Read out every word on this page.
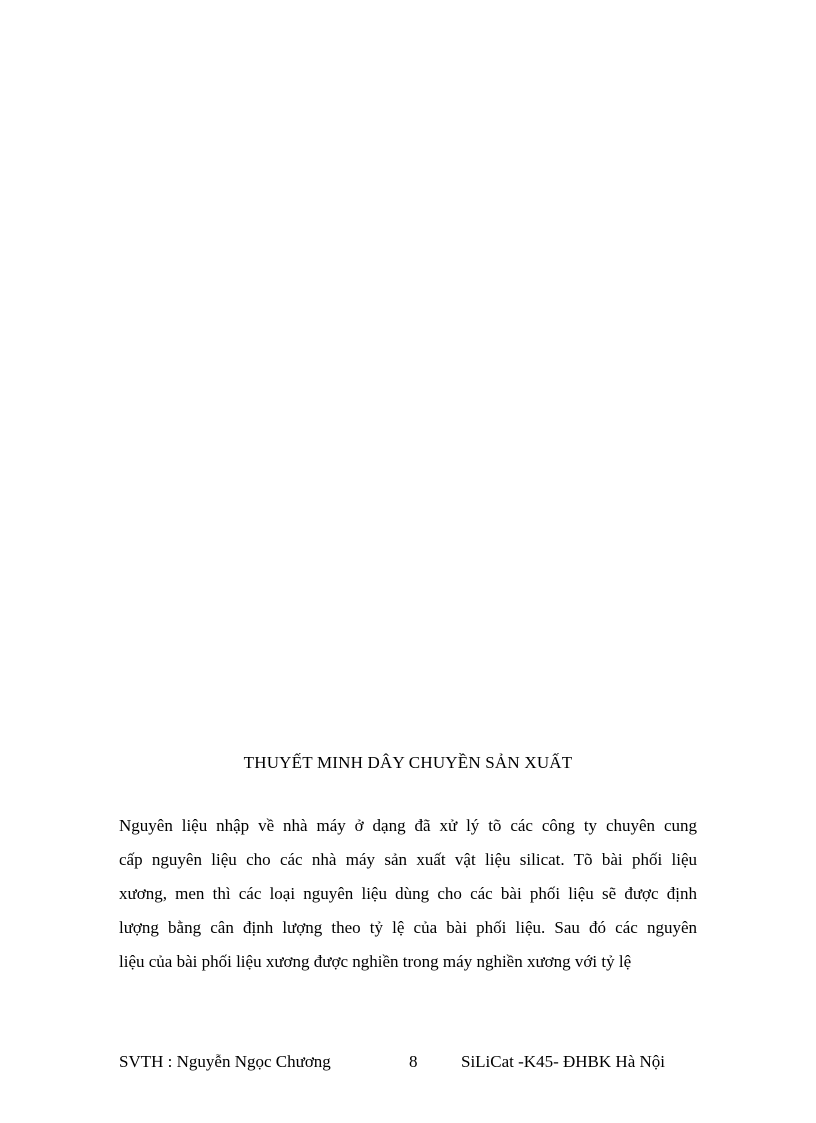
THUYẾT MINH DÂY CHUYỀN SẢN XUẤT
Nguyên liệu nhập về nhà máy ở dạng đã xử lý tõ các công ty chuyên cung
cấp nguyên liệu cho các nhà máy sản xuất vật liệu silicat. Tõ bài phối liệu
xương, men thì các loại nguyên liệu dùng cho các bài phối liệu sẽ được định
lượng bằng cân định lượng theo tỷ lệ của bài phối liệu. Sau đó các nguyên
liệu của bài phối liệu xương được nghiền trong máy nghiền xương với tỷ lệ
SVTH : Nguyễn Ngọc Chương	8	SiLiCat -K45- ĐHBK Hà Nội
